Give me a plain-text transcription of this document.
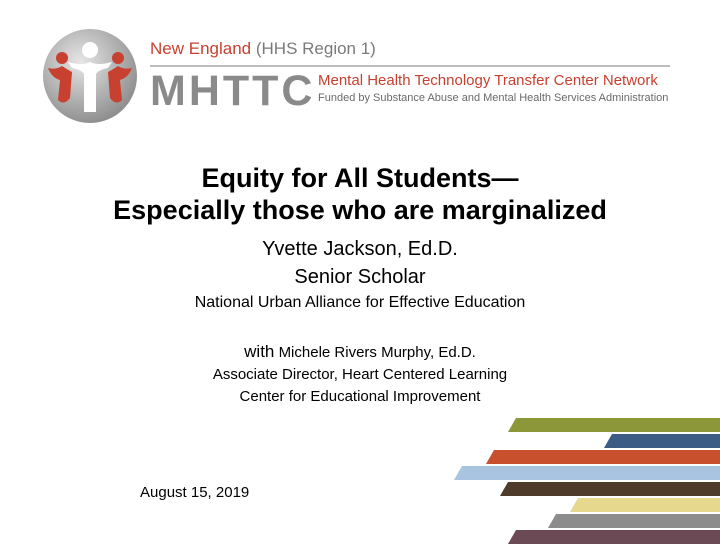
New England (HHS Region 1)
MHTTC Mental Health Technology Transfer Center Network
Funded by Substance Abuse and Mental Health Services Administration
Equity for All Students—
Especially those who are marginalized
Yvette Jackson, Ed.D.
Senior Scholar
National Urban Alliance for Effective Education
with Michele Rivers Murphy, Ed.D.
Associate Director, Heart Centered Learning
Center for Educational Improvement
August 15, 2019
